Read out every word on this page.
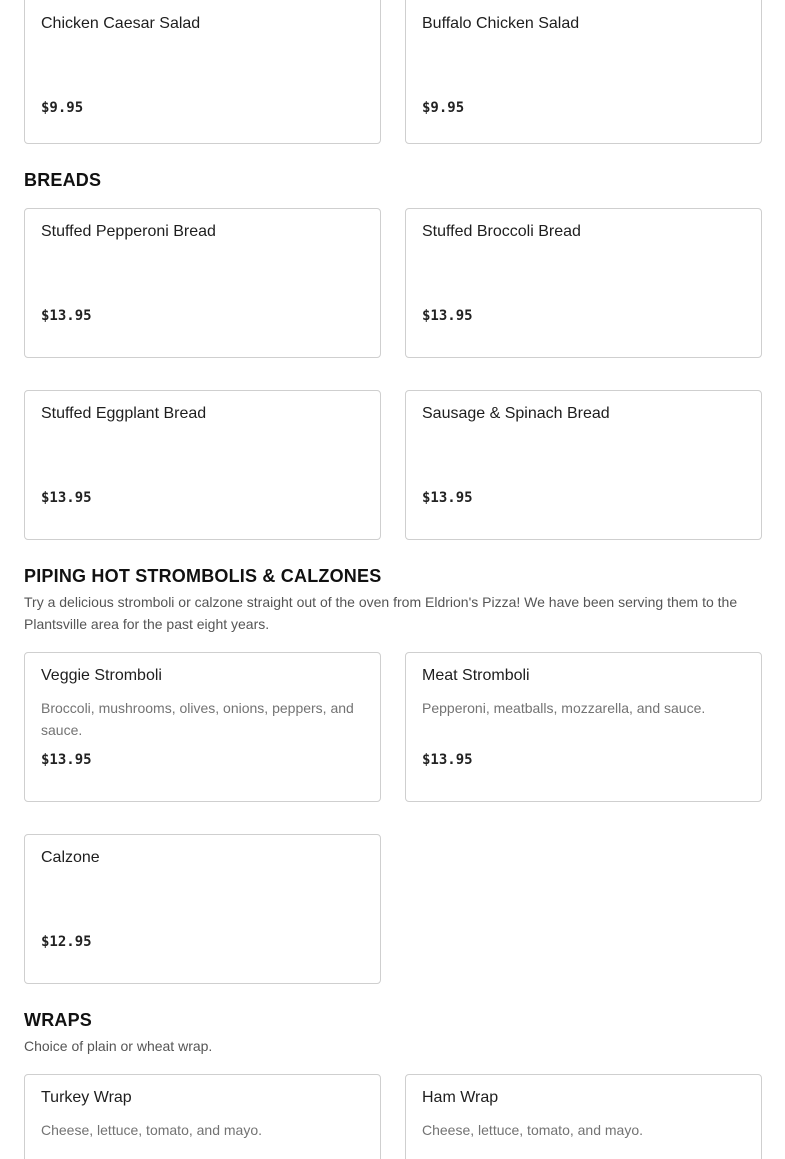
Chicken Caesar Salad
$9.95
Buffalo Chicken Salad
$9.95
BREADS
Stuffed Pepperoni Bread
$13.95
Stuffed Broccoli Bread
$13.95
Stuffed Eggplant Bread
$13.95
Sausage & Spinach Bread
$13.95
PIPING HOT STROMBOLIS & CALZONES
Try a delicious stromboli or calzone straight out of the oven from Eldrion's Pizza! We have been serving them to the Plantsville area for the past eight years.
Veggie Stromboli
Broccoli, mushrooms, olives, onions, peppers, and sauce.
$13.95
Meat Stromboli
Pepperoni, meatballs, mozzarella, and sauce.
$13.95
Calzone
$12.95
WRAPS
Choice of plain or wheat wrap.
Turkey Wrap
Cheese, lettuce, tomato, and mayo.
Ham Wrap
Cheese, lettuce, tomato, and mayo.
